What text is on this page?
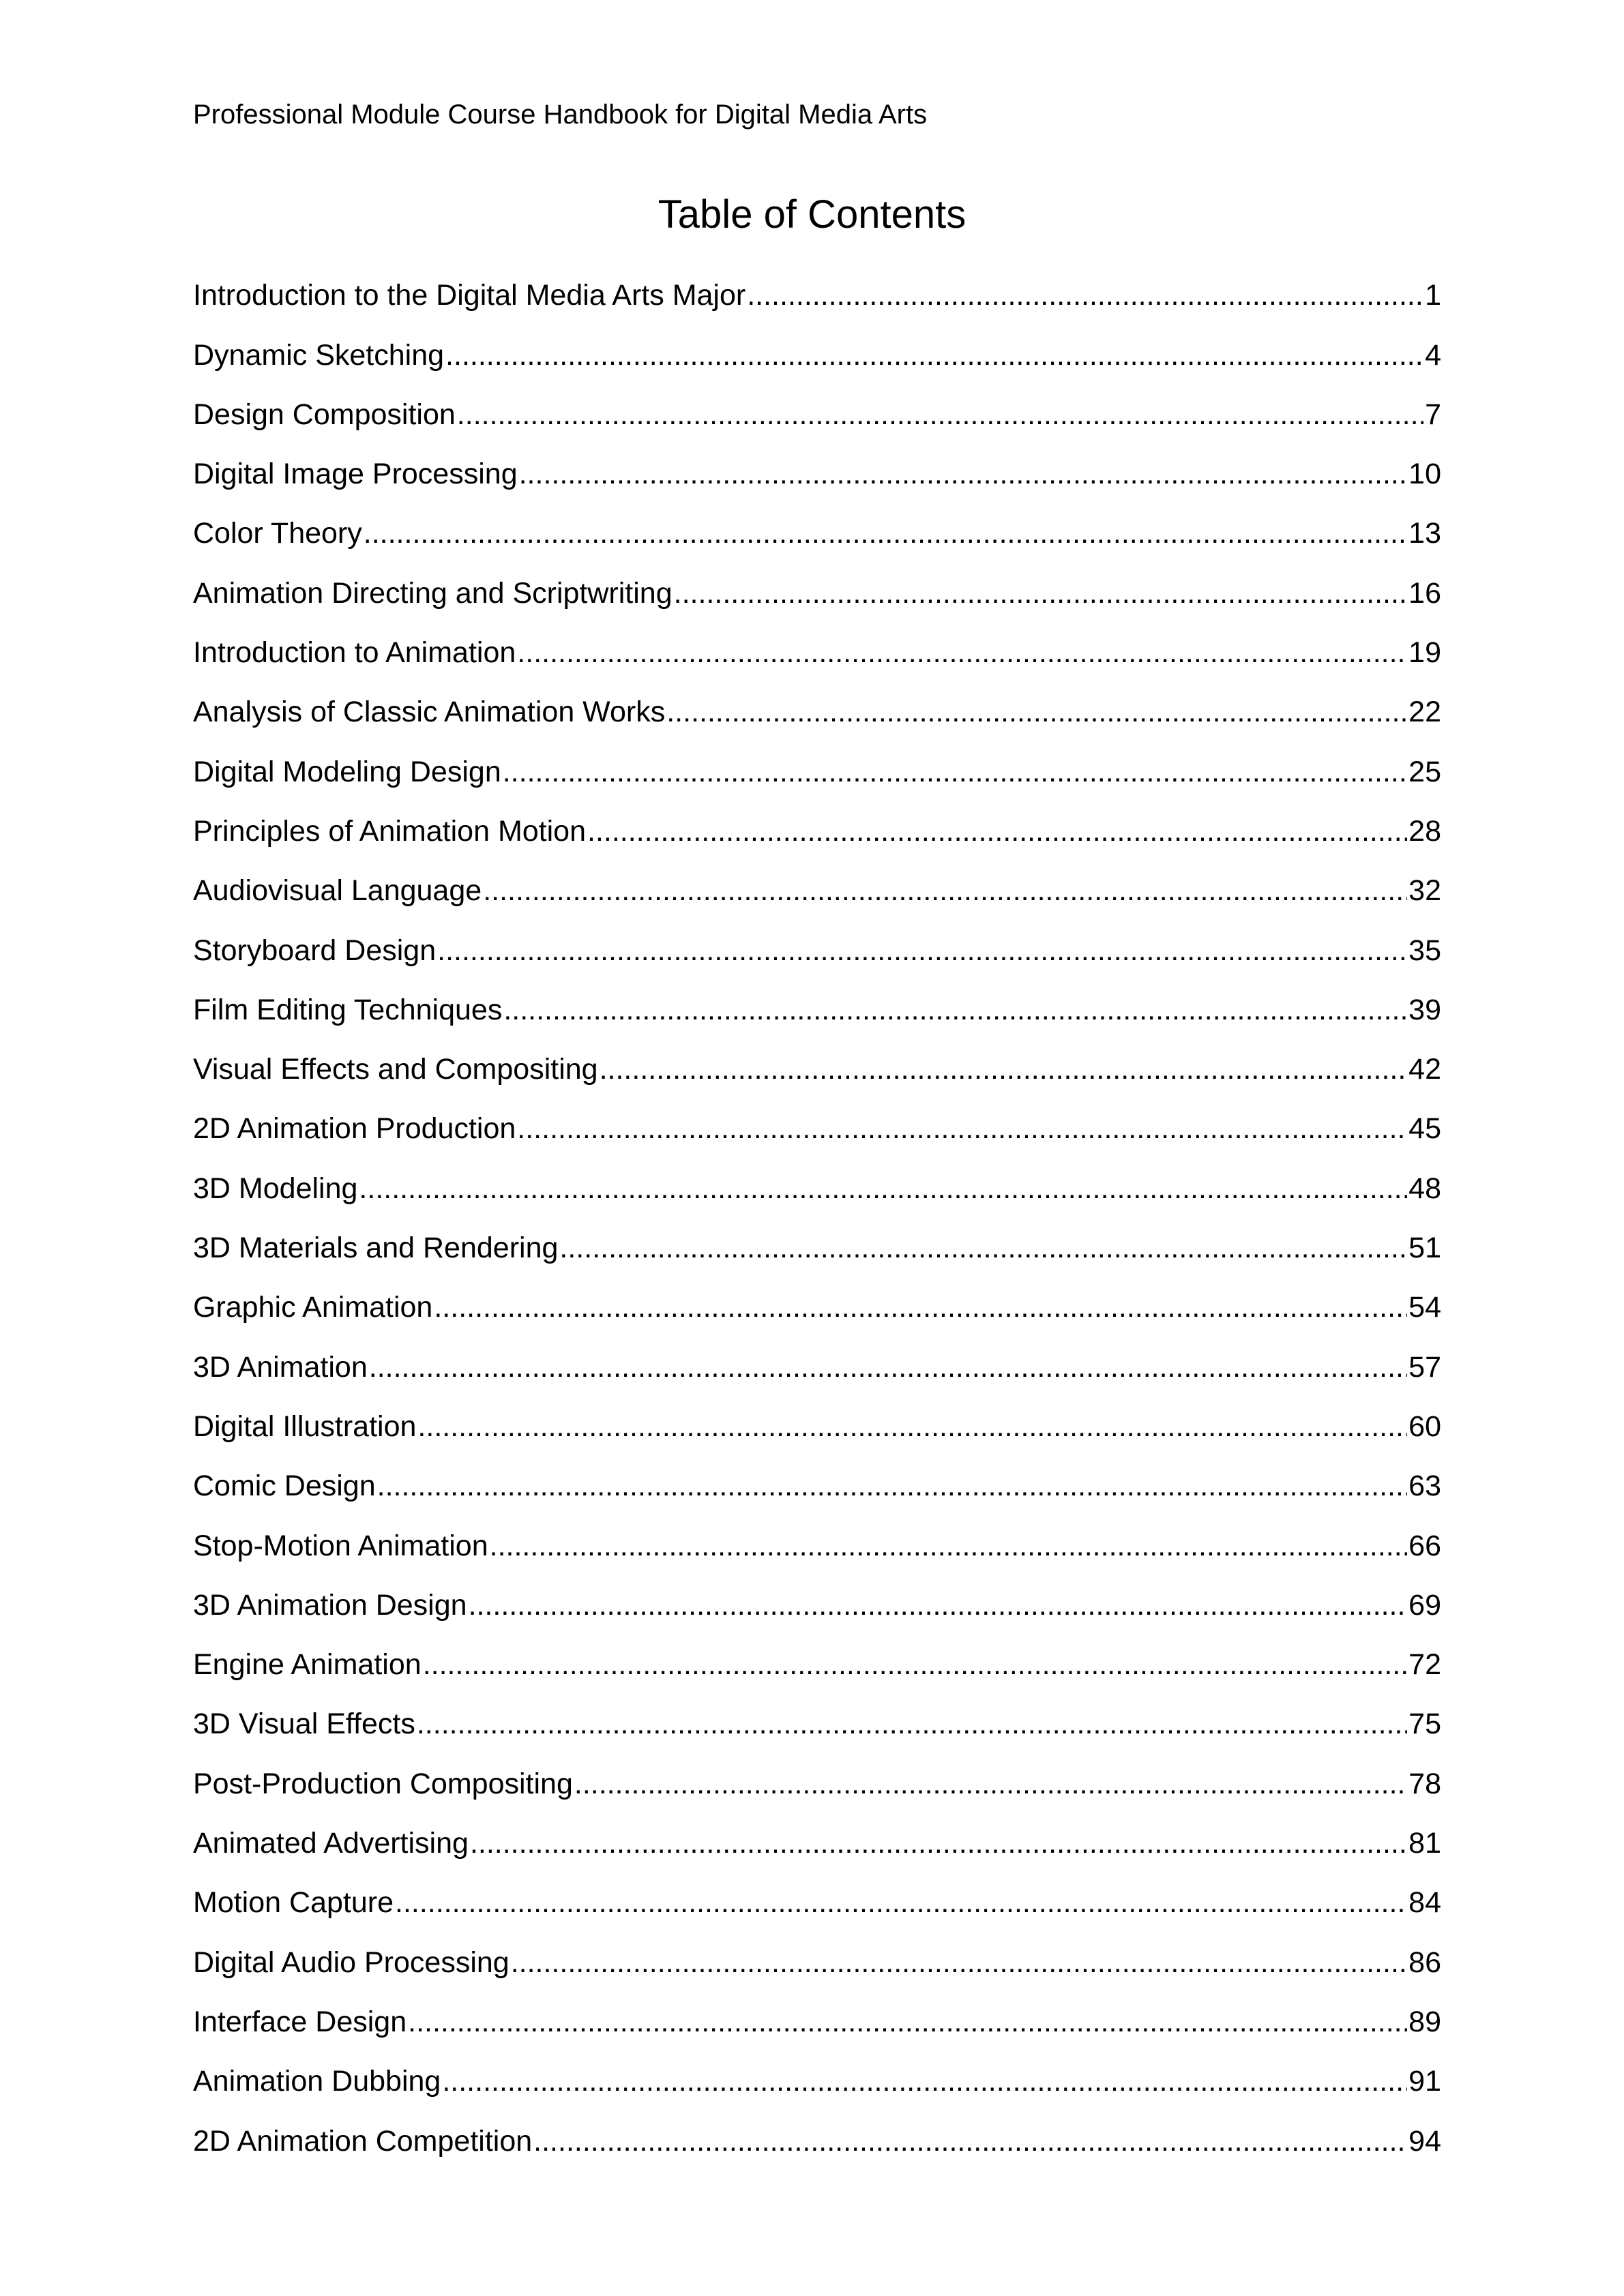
Professional Module Course Handbook for Digital Media Arts
Table of Contents
Introduction to the Digital Media Arts Major .....	1
Dynamic Sketching .....	4
Design Composition .....	7
Digital Image Processing .....	10
Color Theory .....	13
Animation Directing and Scriptwriting .....	16
Introduction to Animation .....	19
Analysis of Classic Animation Works .....	22
Digital Modeling Design .....	25
Principles of Animation Motion .....	28
Audiovisual Language .....	32
Storyboard Design .....	35
Film Editing Techniques .....	39
Visual Effects and Compositing .....	42
2D Animation Production .....	45
3D Modeling .....	48
3D Materials and Rendering .....	51
Graphic Animation .....	54
3D Animation .....	57
Digital Illustration .....	60
Comic Design .....	63
Stop-Motion Animation .....	66
3D Animation Design .....	69
Engine Animation .....	72
3D Visual Effects .....	75
Post-Production Compositing .....	78
Animated Advertising .....	81
Motion Capture .....	84
Digital Audio Processing .....	86
Interface Design .....	89
Animation Dubbing .....	91
2D Animation Competition .....	94
